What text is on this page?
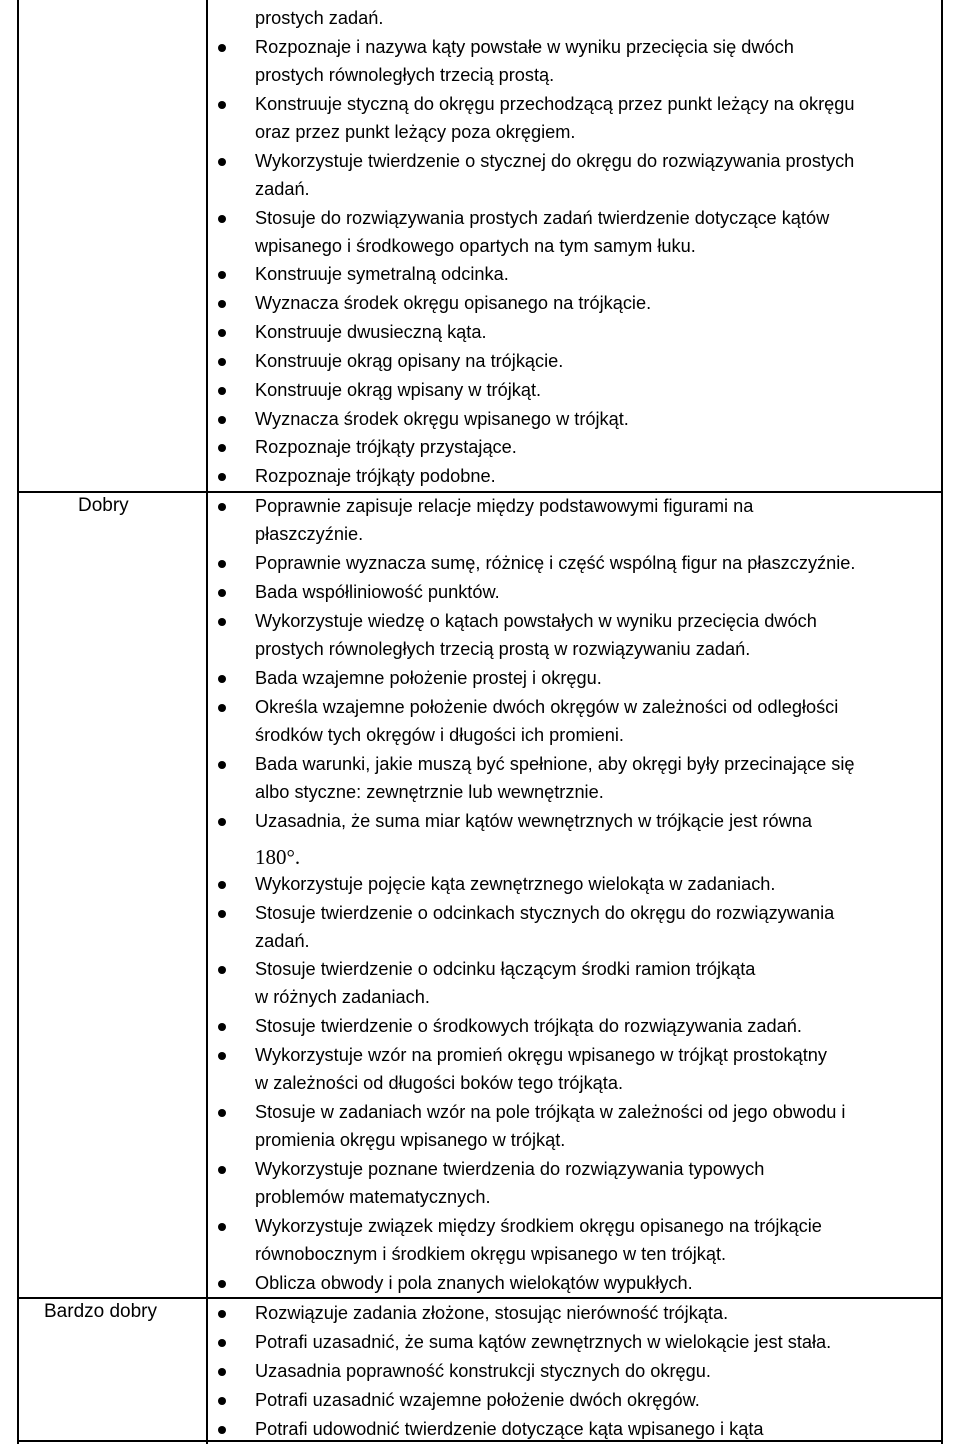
Dobry
Bardzo dobry
prostych zadań.
Rozpoznaje i nazywa kąty powstałe w wyniku przecięcia się dwóch
prostych równoległych trzecią prostą.
Konstruuje styczną do okręgu przechodzącą przez punkt leżący na okręgu
oraz przez punkt leżący poza okręgiem.
Wykorzystuje twierdzenie o stycznej do okręgu do rozwiązywania prostych
zadań.
Stosuje do rozwiązywania prostych zadań twierdzenie dotyczące kątów
wpisanego i środkowego opartych na tym samym łuku.
Konstruuje symetralną odcinka.
Wyznacza środek okręgu opisanego na trójkącie.
Konstruuje dwusieczną kąta.
Konstruuje okrąg opisany na trójkącie.
Konstruuje okrąg wpisany w trójkąt.
Wyznacza środek okręgu wpisanego w trójkąt.
Rozpoznaje trójkąty przystające.
Rozpoznaje trójkąty podobne.
Poprawnie zapisuje relacje między podstawowymi figurami na
płaszczyźnie.
Poprawnie wyznacza sumę, różnicę i część wspólną figur na płaszczyźnie.
Bada współliniowość punktów.
Wykorzystuje wiedzę o kątach powstałych w wyniku przecięcia dwóch
prostych równoległych trzecią prostą w rozwiązywaniu zadań.
Bada wzajemne położenie prostej i okręgu.
Określa wzajemne położenie dwóch okręgów w zależności od odległości
środków tych okręgów i długości ich promieni.
Bada warunki, jakie muszą być spełnione, aby okręgi były przecinające się
albo styczne: zewnętrznie lub wewnętrznie.
Uzasadnia, że suma miar kątów wewnętrznych w trójkącie jest równa
180°.
Wykorzystuje pojęcie kąta zewnętrznego wielokąta w zadaniach.
Stosuje twierdzenie o odcinkach stycznych do okręgu do rozwiązywania
zadań.
Stosuje twierdzenie o odcinku łączącym środki ramion trójkąta
w różnych zadaniach.
Stosuje twierdzenie o środkowych trójkąta do rozwiązywania zadań.
Wykorzystuje wzór na promień okręgu wpisanego w trójkąt prostokątny
w zależności od długości boków tego trójkąta.
Stosuje w zadaniach wzór na pole trójkąta w zależności od jego obwodu i
promienia okręgu wpisanego w trójkąt.
Wykorzystuje poznane twierdzenia do rozwiązywania typowych
problemów matematycznych.
Wykorzystuje związek między środkiem okręgu opisanego na trójkącie
równobocznym i środkiem okręgu wpisanego w ten trójkąt.
Oblicza obwody i pola znanych wielokątów wypukłych.
Rozwiązuje zadania złożone, stosując nierówność trójkąta.
Potrafi uzasadnić, że suma kątów zewnętrznych w wielokącie jest stała.
Uzasadnia poprawność konstrukcji stycznych do okręgu.
Potrafi uzasadnić wzajemne położenie dwóch okręgów.
Potrafi udowodnić twierdzenie dotyczące kąta wpisanego i kąta
